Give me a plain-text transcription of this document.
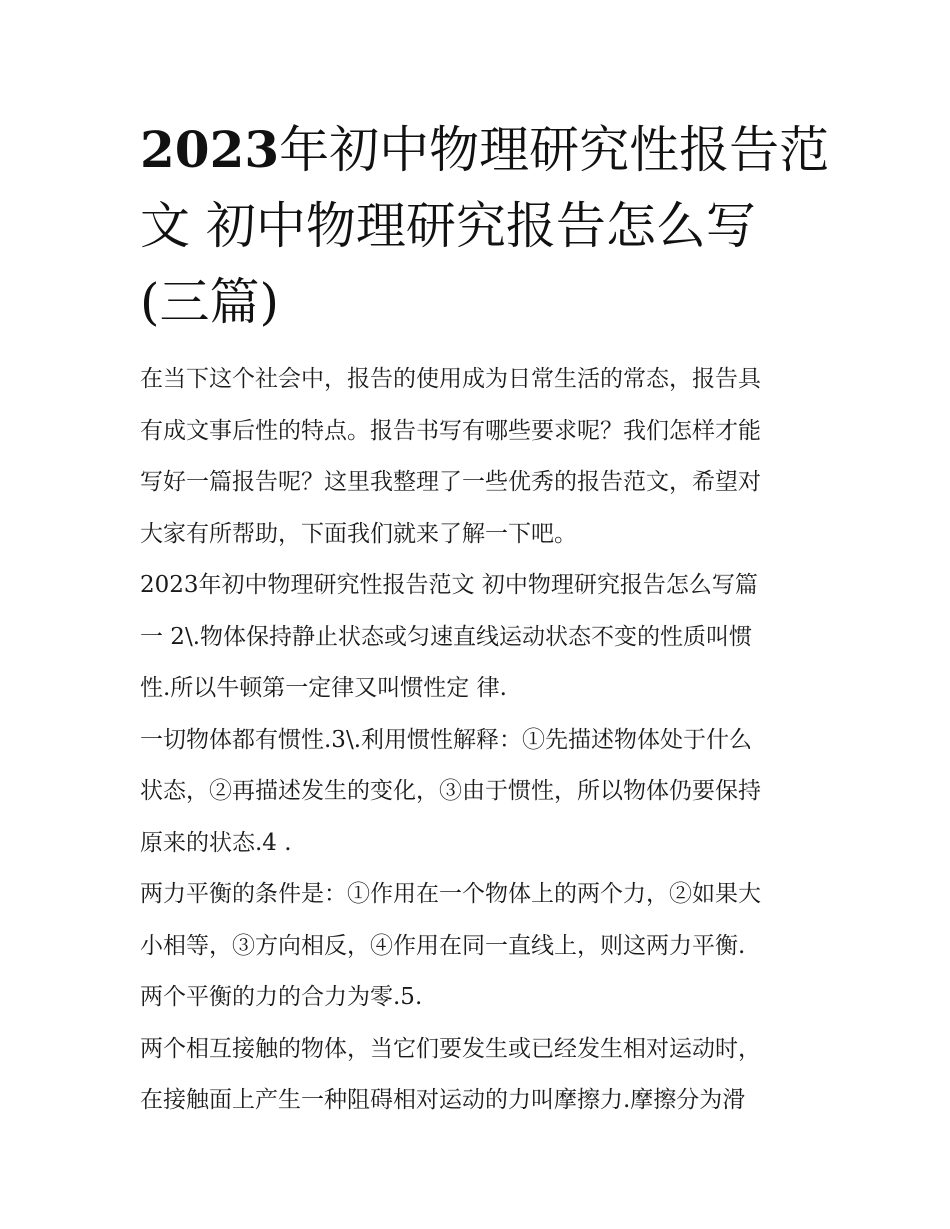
2023年初中物理研究性报告范
文 初中物理研究报告怎么写
(三篇)
在当下这个社会中，报告的使用成为日常生活的常态，报告具
有成文事后性的特点。报告书写有哪些要求呢？我们怎样才能
写好一篇报告呢？这里我整理了一些优秀的报告范文，希望对
大家有所帮助，下面我们就来了解一下吧。
2023年初中物理研究性报告范文 初中物理研究报告怎么写篇
一 2\.物体保持静止状态或匀速直线运动状态不变的性质叫惯
性.所以牛顿第一定律又叫惯性定 律.
一切物体都有惯性.3\.利用惯性解释：①先描述物体处于什么
状态，②再描述发生的变化，③由于惯性，所以物体仍要保持
原来的状态.4 .
两力平衡的条件是：①作用在一个物体上的两个力，②如果大
小相等，③方向相反，④作用在同一直线上，则这两力平衡.
两个平衡的力的合力为零.5.
两个相互接触的物体，当它们要发生或已经发生相对运动时，
在接触面上产生一种阻碍相对运动的力叫摩擦力.摩擦分为滑
